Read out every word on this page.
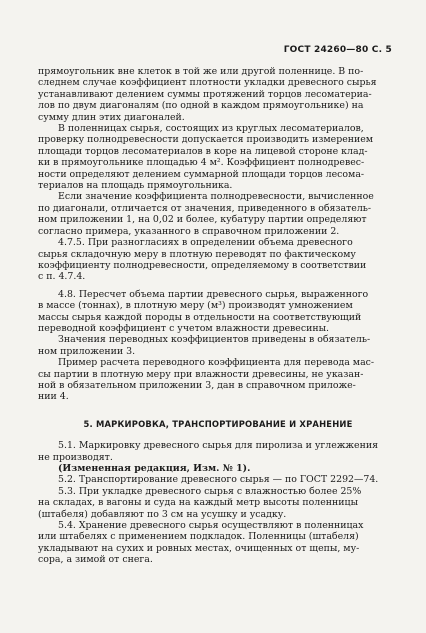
ГОСТ 24260—80 С. 5
прямоугольник вне клеток в той же или другой поленнице. В по-
следнем случае коэффициент плотности укладки древесного сырья
устанавливают делением суммы протяжений торцов лесоматериа-
лов по двум диагоналям (по одной в каждом прямоугольнике) на
сумму длин этих диагоналей.
В поленницах сырья, состоящих из круглых лесоматериалов,
проверку полнодревесности допускается производить измерением
площади торцов лесоматериалов в коре на лицевой стороне клад-
ки в прямоугольнике площадью 4 м². Коэффициент полнодревес-
ности определяют делением суммарной площади торцов лесома-
териалов на площадь прямоугольника.
Если значение коэффициента полнодревесности, вычисленное
по диагонали, отличается от значения, приведенного в обязатель-
ном приложении 1, на 0,02 и более, кубатуру партии определяют
согласно примера, указанного в справочном приложении 2.
4.7.5. При разногласиях в определении объема древесного
сырья складочную меру в плотную переводят по фактическому
коэффициенту полнодревесности, определяемому в соответствии
с п. 4.7.4.
4.8. Пересчет объема партии древесного сырья, выраженного
в массе (тоннах), в плотную меру (м³) производят умножением
массы сырья каждой породы в отдельности на соответствующий
переводной коэффициент с учетом влажности древесины.
Значения переводных коэффициентов приведены в обязатель-
ном приложении 3.
Пример расчета переводного коэффициента для перевода мас-
сы партии в плотную меру при влажности древесины, не указан-
ной в обязательном приложении 3, дан в справочном приложе-
нии 4.
5. МАРКИРОВКА, ТРАНСПОРТИРОВАНИЕ И ХРАНЕНИЕ
5.1. Маркировку древесного сырья для пиролиза и углежжения
не производят.
(Измененная редакция, Изм. № 1).
5.2. Транспортирование древесного сырья — по ГОСТ 2292—74.
5.3. При укладке древесного сырья с влажностью более 25%
на складах, в вагоны и суда на каждый метр высоты поленницы
(штабеля) добавляют по 3 см на усушку и усадку.
5.4. Хранение древесного сырья осуществляют в поленницах
или штабелях с применением подкладок. Поленницы (штабеля)
укладывают на сухих и ровных местах, очищенных от щепы, му-
сора, а зимой от снега.
